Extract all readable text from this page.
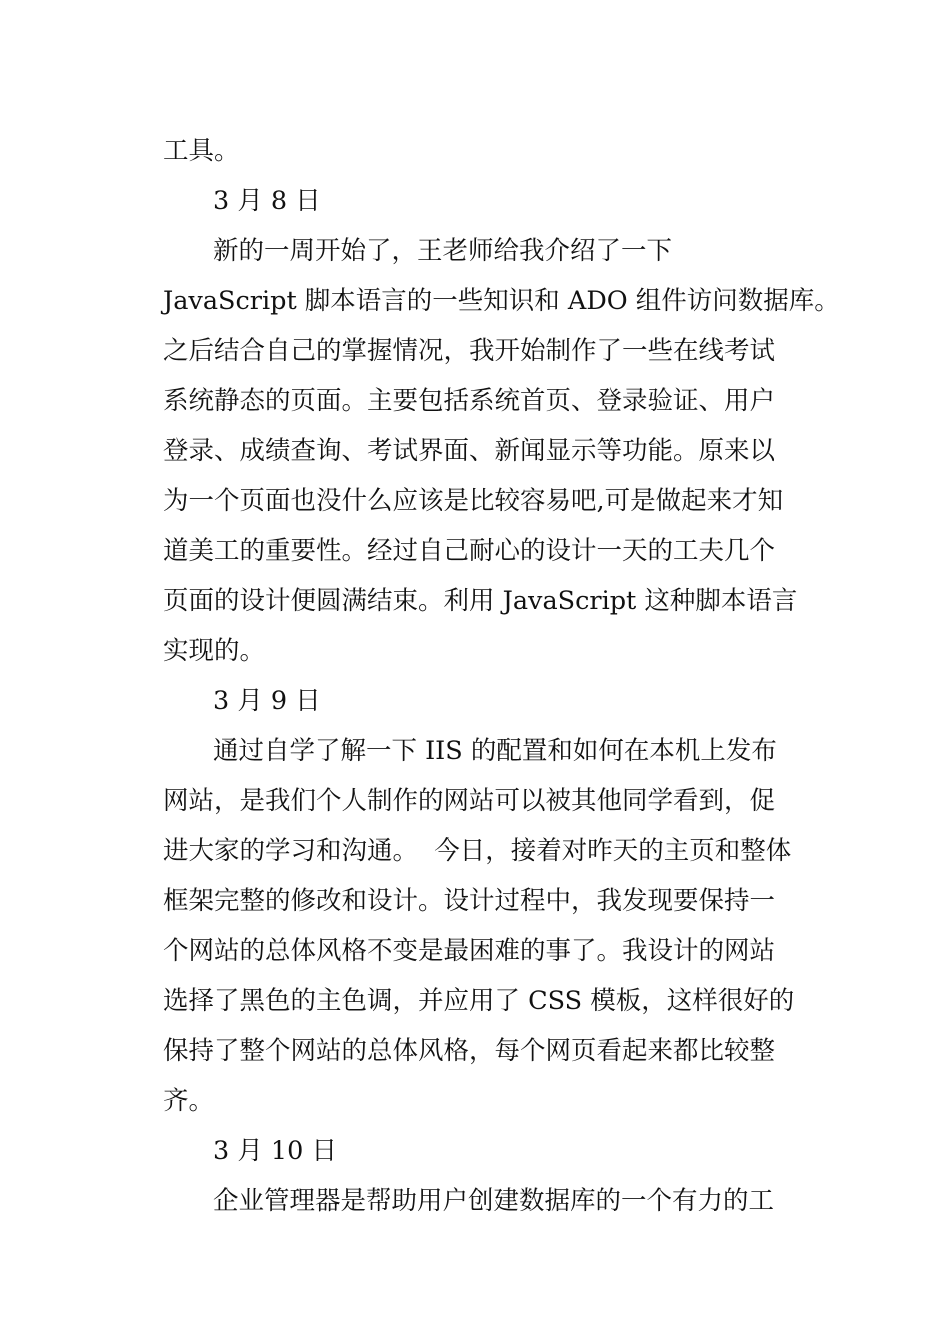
工具。
3 月 8 日
新的一周开始了，王老师给我介绍了一下
JavaScript 脚本语言的一些知识和 ADO 组件访问数据库。
之后结合自己的掌握情况，我开始制作了一些在线考试
系统静态的页面。主要包括系统首页、登录验证、用户
登录、成绩查询、考试界面、新闻显示等功能。原来以
为一个页面也没什么应该是比较容易吧,可是做起来才知
道美工的重要性。经过自己耐心的设计一天的工夫几个
页面的设计便圆满结束。利用 JavaScript 这种脚本语言
实现的。
3 月 9 日
通过自学了解一下 IIS 的配置和如何在本机上发布
网站，是我们个人制作的网站可以被其他同学看到，促
进大家的学习和沟通。  今日，接着对昨天的主页和整体
框架完整的修改和设计。设计过程中，我发现要保持一
个网站的总体风格不变是最困难的事了。我设计的网站
选择了黑色的主色调，并应用了 CSS 模板，这样很好的
保持了整个网站的总体风格，每个网页看起来都比较整
齐。
3 月 10 日
企业管理器是帮助用户创建数据库的一个有力的工
